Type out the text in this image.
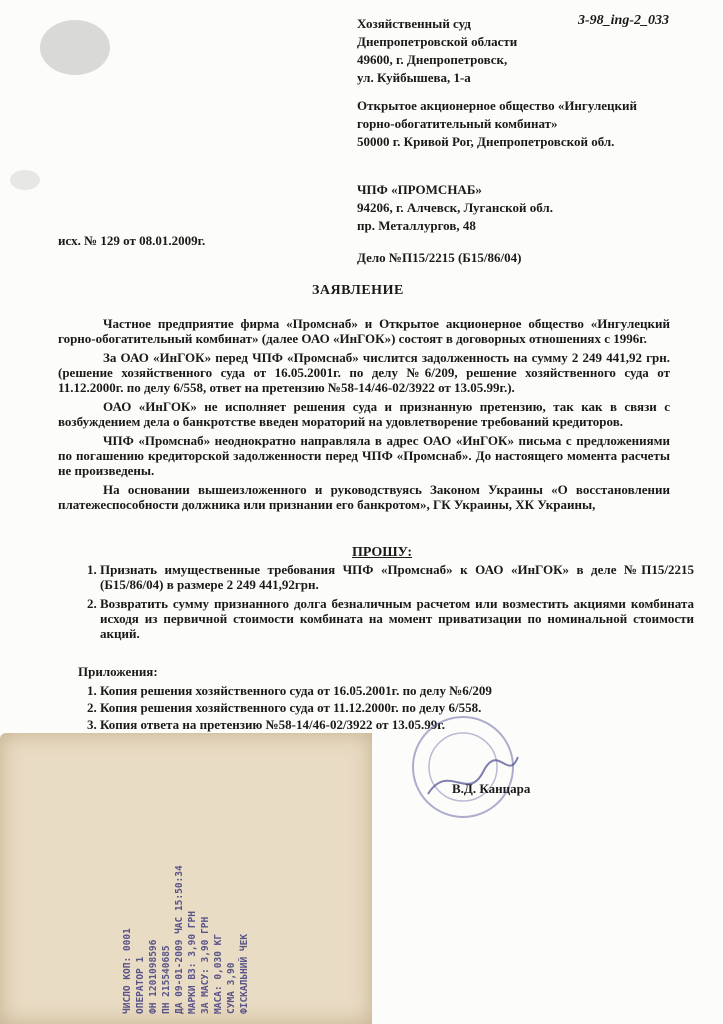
3-98_ing-2_033
Хозяйственный суд
Днепропетровской области
49600, г. Днепропетровск,
ул. Куйбышева, 1-а
Открытое акционерное общество «Ингулецкий
горно-обогатительный комбинат»
50000 г. Кривой Рог, Днепропетровской обл.
ЧПФ «ПРОМСНАБ»
94206, г. Алчевск, Луганской обл.
пр. Металлургов, 48
исх. № 129 от 08.01.2009г.
Дело №П15/2215 (Б15/86/04)
ЗАЯВЛЕНИЕ

Частное предприятие фирма «Промснаб» и Открытое акционерное общество «Ингулецкий горно-обогатительный комбинат» (далее ОАО «ИнГОК») состоят в договорных отношениях с 1996г.

За ОАО «ИнГОК» перед ЧПФ «Промснаб» числится задолженность на сумму 2 249 441,92 грн. (решение хозяйственного суда от 16.05.2001г. по делу №6/209, решение хозяйственного суда от 11.12.2000г. по делу 6/558, ответ на претензию №58-14/46-02/3922 от 13.05.99г.).

ОАО «ИнГОК» не исполняет решения суда и признанную претензию, так как в связи с возбуждением дела о банкротстве введен мораторий на удовлетворение требований кредиторов.

ЧПФ «Промснаб» неоднократно направляла в адрес ОАО «ИнГОК» письма с предложениями по погашению кредиторской задолженности перед ЧПФ «Промснаб». До настоящего момента расчеты не произведены.

На основании вышеизложенного и руководствуясь Законом Украины «О восстановлении платежеспособности должника или признании его банкротом», ГК Украины, ХК Украины,

ПРОШУ:
1. Признать имущественные требования ЧПФ «Промснаб» к ОАО «ИнГОК» в деле №П15/2215 (Б15/86/04) в размере 2 249 441,92грн.
2. Возвратить сумму признанного долга безналичным расчетом или возместить акциями комбината исходя из первичной стоимости комбината на момент приватизации по номинальной стоимости акций.
Приложения:
1. Копия решения хозяйственного суда от 16.05.2001г. по делу №6/209
2. Копия решения хозяйственного суда от 11.12.2000г. по делу 6/558.
3. Копия ответа на претензию №58-14/46-02/3922 от 13.05.99г.
4.
В.Д. Канцара
ЧИСЛО КОП: 0001 ОПЕРАТОР 1 ФН 1201098596 ПН 215540685 ДА 09-01-2009 ЧАС 15:50:34 МАРКИ ВЗ: 3,90 ГРН ЗА МАСУ: 3,90 ГРН МАСА: 0,030 КГ СУМА 3,90 ФІСКАЛЬНИЙ ЧЕК
